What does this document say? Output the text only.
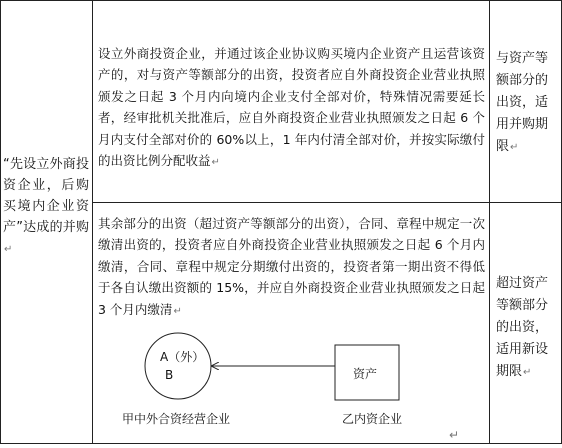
“先设立外商投资企业，后购买境内企业资产”达成的并购↵
设立外商投资企业，并通过该企业协议购买境内企业资产且运营该资产的，对与资产等额部分的出资，投资者应自外商投资企业营业执照颁发之日起 3 个月内向境内企业支付全部对价，特殊情况需要延长者，经审批机关批准后，应自外商投资企业营业执照颁发之日起 6 个月内支付全部对价的 60%以上，1 年内付清全部对价，并按实际缴付的出资比例分配收益↵
与资产等额部分的出资，适用并购期限↵
其余部分的出资（超过资产等额部分的出资），合同、章程中规定一次缴清出资的，投资者应自外商投资企业营业执照颁发之日起 6 个月内缴清，合同、章程中规定分期缴付出资的，投资者第一期出资不得低于各自认缴出资额的 15%，并应自外商投资企业营业执照颁发之日起 3 个月内缴清↵
超过资产等额部分的出资，适用新设期限↵
A（外）
B	资产
甲中外合资经营企业	乙内资企业
↵
